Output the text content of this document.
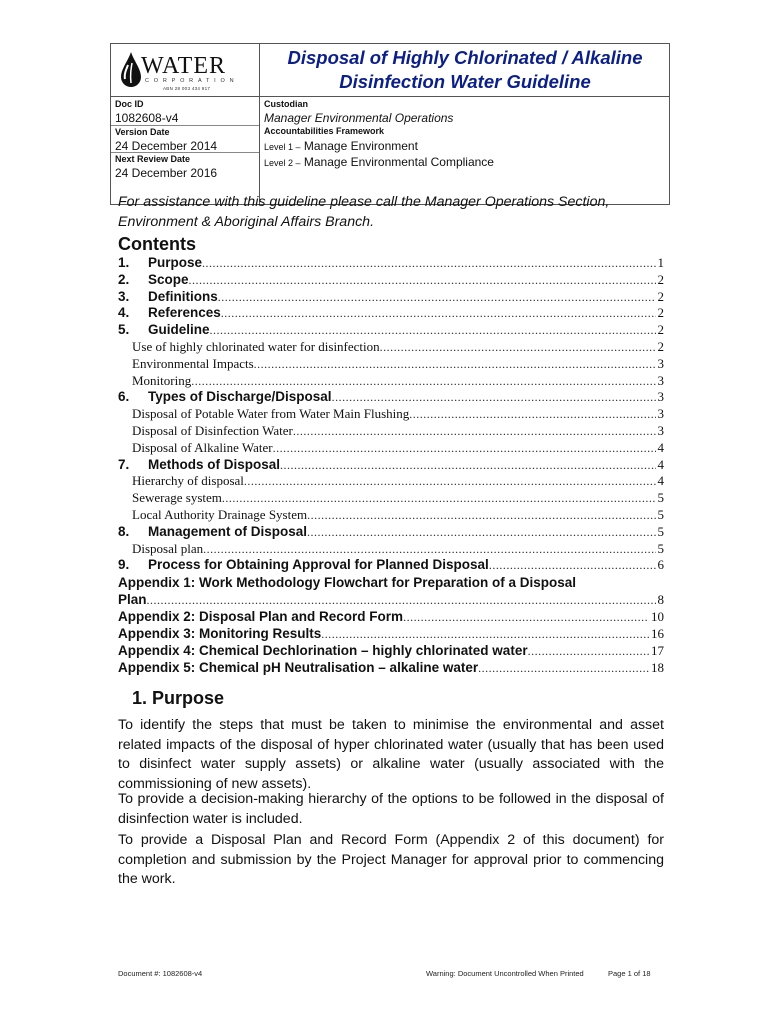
WATER
CORPORATION
ABN 28 003 434 917
Disposal of Highly Chlorinated / Alkaline
Disinfection Water Guideline
Doc ID
1082608-v4
Version Date
24 December 2014
Next Review Date
24 December 2016
Custodian
Manager Environmental Operations
Accountabilities Framework
Level 1 – Manage Environment
Level 2 – Manage Environmental Compliance
For assistance with this guideline please call the Manager Operations Section,
Environment & Aboriginal Affairs Branch.
Contents
Appendix 1: Work Methodology Flowchart for Preparation of a Disposal
Plan .....	8
1. Purpose
To identify the steps that must be taken to minimise the environmental and asset related impacts of the disposal of hyper chlorinated water (usually that has been used to disinfect water supply assets) or alkaline water (usually associated with the commissioning of new assets).
To provide a decision-making hierarchy of the options to be followed in the disposal of disinfection water is included.
To provide a Disposal Plan and Record Form (Appendix 2 of this document) for completion and submission by the Project Manager for approval prior to commencing the work.
Document #: 1082608-v4	Warning: Document Uncontrolled When Printed	Page 1 of 18
1.	Purpose .....	1
2.	Scope .....	2
3.	Definitions .....	2
4.	References .....	2
5.	Guideline .....	2
Use of highly chlorinated water for disinfection .....	2
Environmental Impacts .....	3
Monitoring .....	3
6.	Types of Discharge/Disposal .....	3
Disposal of Potable Water from Water Main Flushing .....	3
Disposal of Disinfection Water .....	3
Disposal of Alkaline Water .....	4
7.	Methods of Disposal .....	4
Hierarchy of disposal .....	4
Sewerage system .....	5
Local Authority Drainage System .....	5
8.	Management of Disposal .....	5
Disposal plan .....	5
9.	Process for Obtaining Approval for Planned Disposal .....	6
Appendix 2: Disposal Plan and Record Form .....	10
Appendix 3: Monitoring Results .....	16
Appendix 4: Chemical Dechlorination – highly chlorinated water .....	17
Appendix 5: Chemical pH Neutralisation – alkaline water .....	18
